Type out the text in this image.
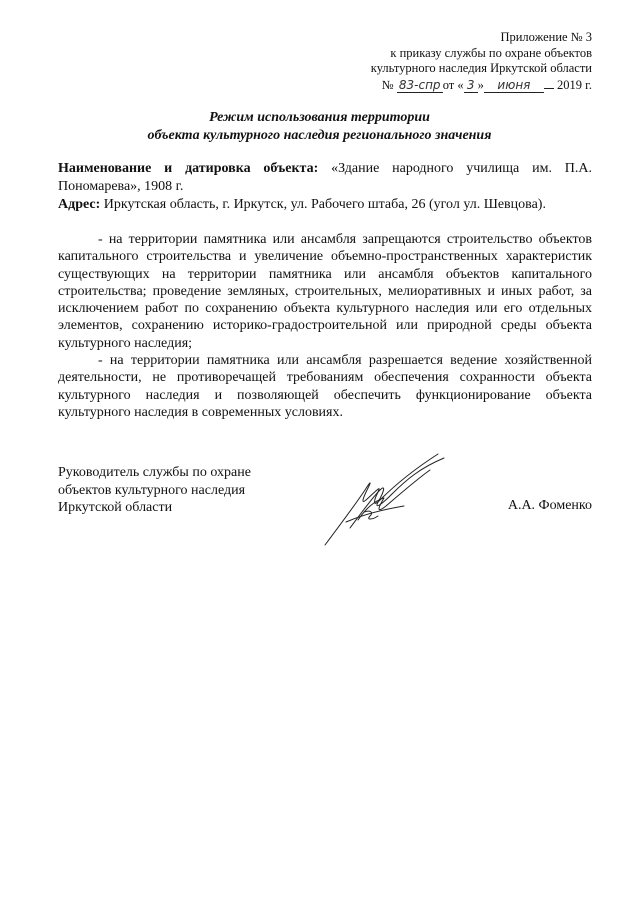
Приложение № 3
к приказу службы по охране объектов
культурного наследия Иркутской области
№ 83-спр от « 3 » июня 2019 г.
Режим использования территории
объекта культурного наследия регионального значения

Наименование и датировка объекта: «Здание народного училища им. П.А. Пономарева», 1908 г.

Адрес: Иркутская область, г. Иркутск, ул. Рабочего штаба, 26 (угол ул. Шевцова).

- на территории памятника или ансамбля запрещаются строительство объектов капитального строительства и увеличение объемно-пространственных характеристик существующих на территории памятника или ансамбля объектов капитального строительства; проведение земляных, строительных, мелиоративных и иных работ, за исключением работ по сохранению объекта культурного наследия или его отдельных элементов, сохранению историко-градостроительной или природной среды объекта культурного наследия;

- на территории памятника или ансамбля разрешается ведение хозяйственной деятельности, не противоречащей требованиям обеспечения сохранности объекта культурного наследия и позволяющей обеспечить функционирование объекта культурного наследия в современных условиях.

Руководитель службы по охране
объектов культурного наследия
Иркутской области	А.А. Фоменко
